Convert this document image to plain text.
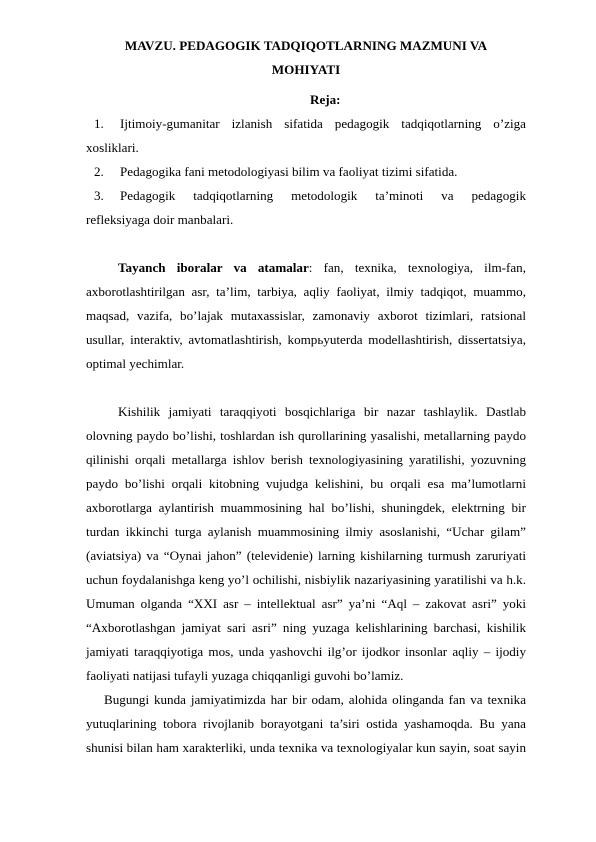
MAVZU. PEDAGOGIK TADQIQOTLARNING MAZMUNI VA
MOHIYATI
Reja:
1.	Ijtimoiy-gumanitar izlanish sifatida pedagogik tadqiqotlarning o’ziga
xosliklari.
2.	Pedagogika fani metodologiyasi bilim va faoliyat tizimi sifatida.
3.	Pedagogik tadqiqotlarning metodologik ta’minoti va pedagogik
refleksiyaga doir manbalari.
Tayanch iboralar va atamalar: fan, texnika, texnologiya, ilm-fan,
axborotlashtirilgan asr, ta’lim, tarbiya, aqliy faoliyat, ilmiy tadqiqot, muammo,
maqsad, vazifa, bo’lajak mutaxassislar, zamonaviy axborot tizimlari, ratsional
usullar, interaktiv, avtomatlashtirish, kompьyuterda modellashtirish, dissertatsiya,
optimal yechimlar.
Kishilik jamiyati taraqqiyoti bosqichlariga bir nazar tashlaylik. Dastlab
olovning paydo bo’lishi, toshlardan ish qurollarining yasalishi, metallarning paydo
qilinishi orqali metallarga ishlov berish texnologiyasining yaratilishi, yozuvning
paydo bo’lishi orqali kitobning vujudga kelishini, bu orqali esa ma’lumotlarni
axborotlarga aylantirish muammosining hal bo’lishi, shuningdek, elektrning bir
turdan ikkinchi turga aylanish muammosining ilmiy asoslanishi, “Uchar gilam”
(aviatsiya) va “Oynai jahon” (televidenie) larning kishilarning turmush zaruriyati
uchun foydalanishga keng yo’l ochilishi, nisbiylik nazariyasining yaratilishi va h.k.
Umuman olganda “XXI asr – intellektual asr” ya’ni “Aql – zakovat asri” yoki
“Axborotlashgan jamiyat sari asri” ning yuzaga kelishlarining barchasi, kishilik
jamiyati taraqqiyotiga mos, unda yashovchi ilg’or ijodkor insonlar aqliy – ijodiy
faoliyati natijasi tufayli yuzaga chiqqanligi guvohi bo’lamiz.
Bugungi kunda jamiyatimizda har bir odam, alohida olinganda fan va texnika
yutuqlarining tobora rivojlanib borayotgani ta’siri ostida yashamoqda. Bu yana
shunisi bilan ham xarakterliki, unda texnika va texnologiyalar kun sayin, soat sayin
